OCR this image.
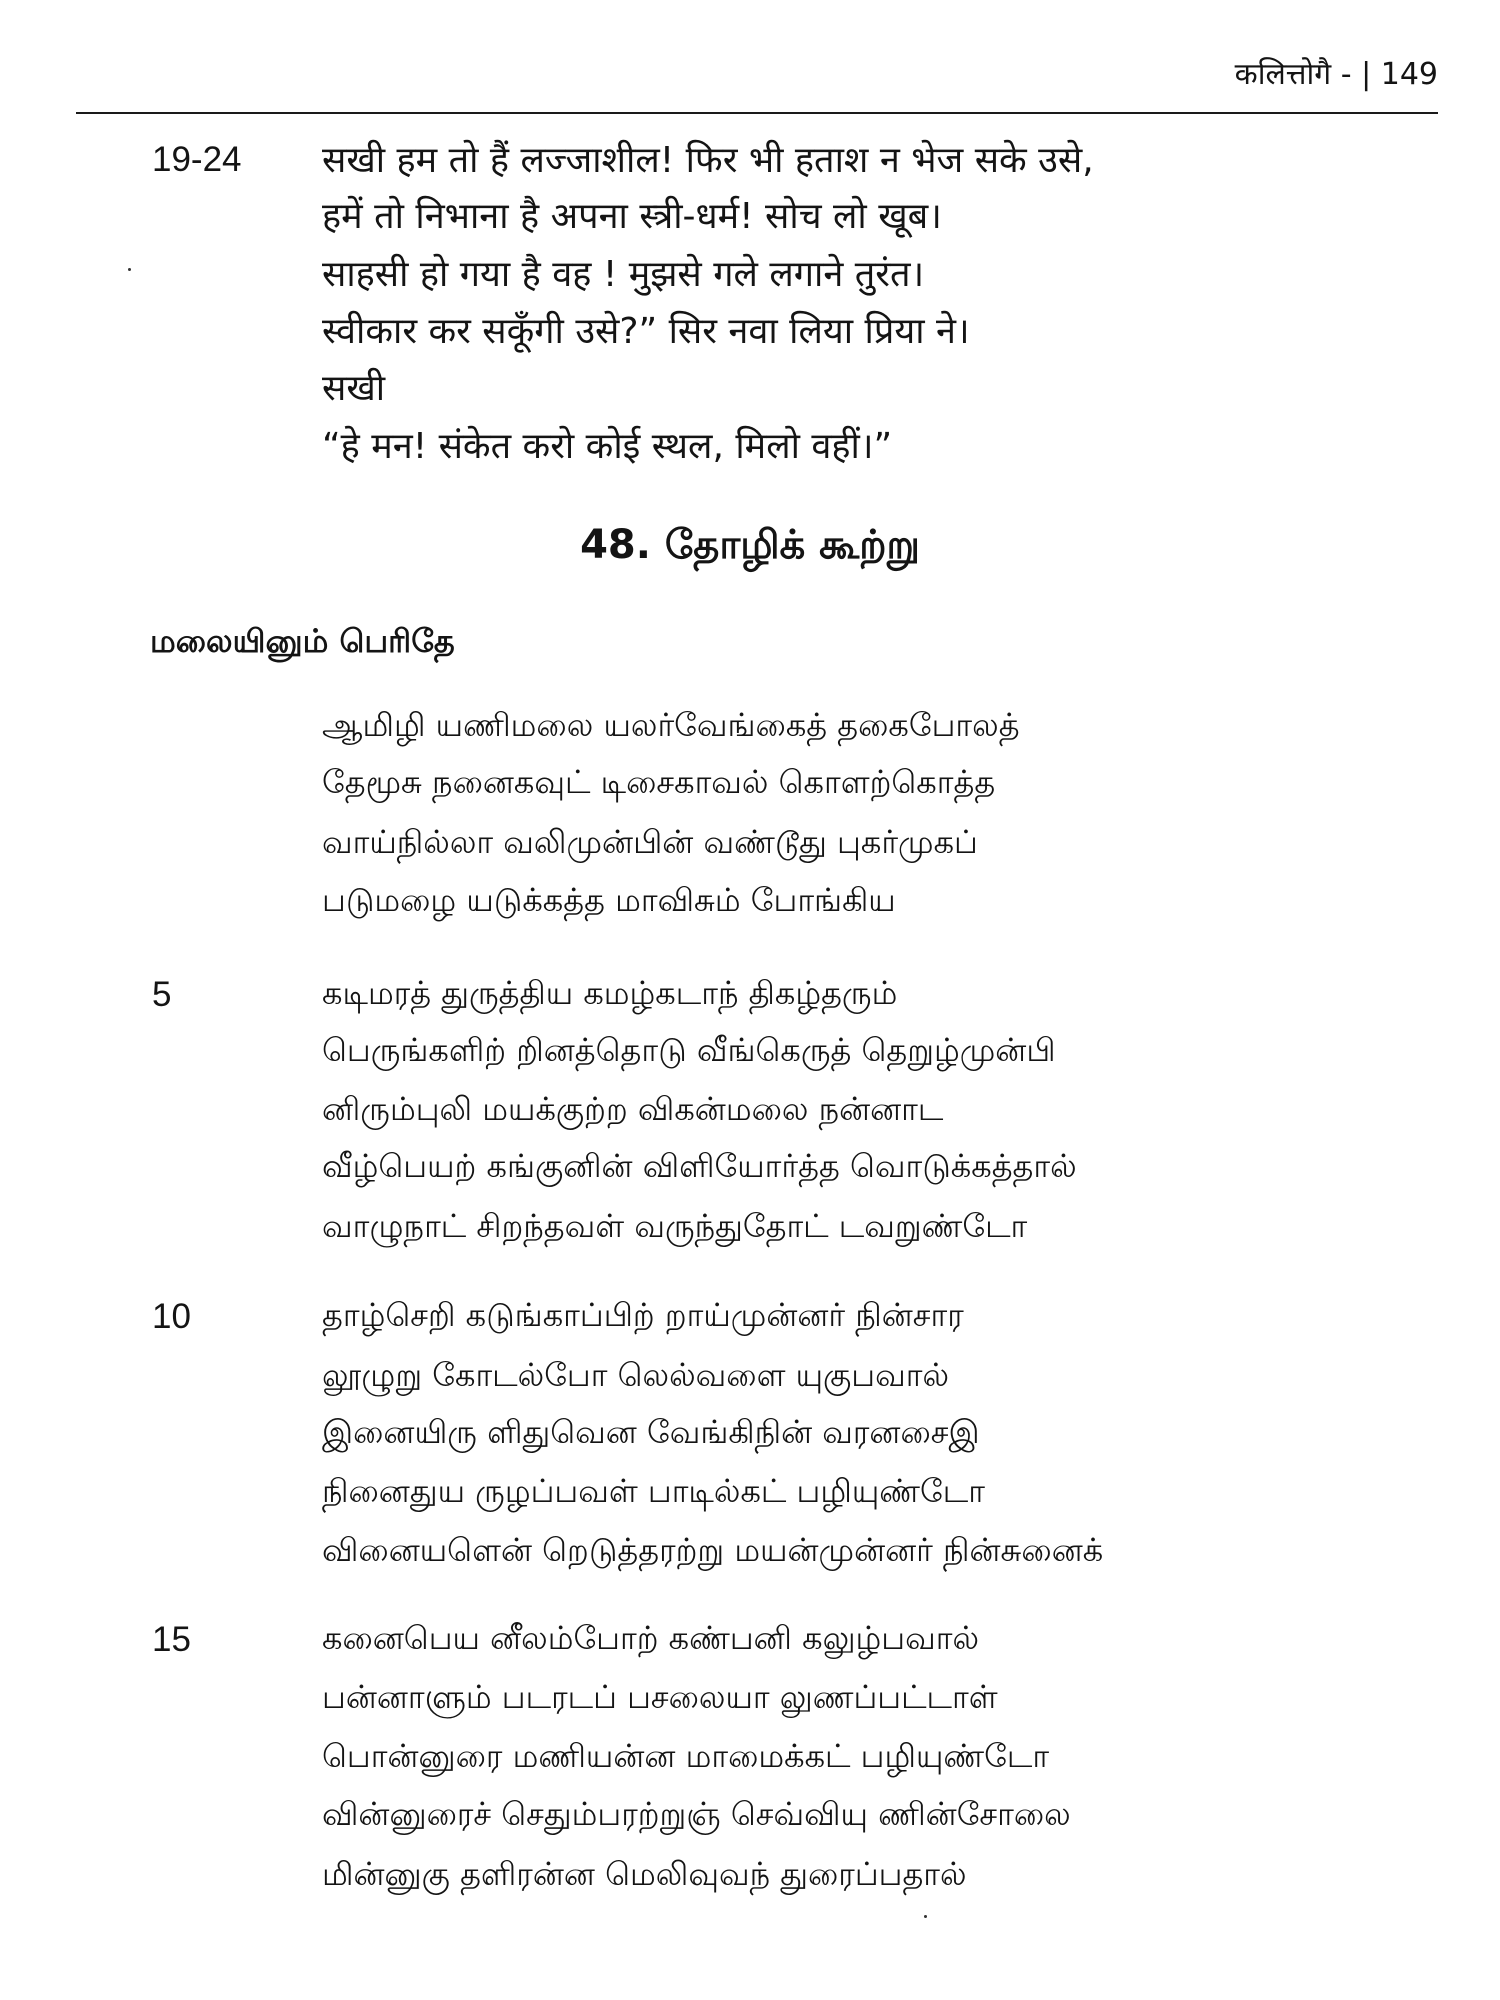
कलित्तोगै - | 149
19-24 सखी हम तो हैं लज्जाशील! फिर भी हताश न भेज सके उसे,
हमें तो निभाना है अपना स्त्री-धर्म! सोच लो खूब।
साहसी हो गया है वह ! मुझसे गले लगाने तुरंत।
स्वीकार कर सकूँगी उसे?” सिर नवा लिया प्रिया ने।
सखी
“हे मन! संकेत करो कोई स्थल, मिलो वहीं।”
48. தோழிக் கூற்று
மலையினும் பெரிதே
ஆமிழி யணிமலை யலர்வேங்கைத் தகைபோலத்
தேமூசு நனைகவுட் டிசைகாவல் கொளற்கொத்த
வாய்நில்லா வலிமுன்பின் வண்டூது புகர்முகப்
படுமழை யடுக்கத்த மாவிசும் போங்கிய
5	கடிமரத் துருத்திய கமழ்கடாந் திகழ்தரும்
பெருங்களிற் றினத்தொடு வீங்கெருத் தெறுழ்முன்பி
னிரும்புலி மயக்குற்ற விகன்மலை நன்னாட
வீழ்பெயற் கங்குனின் விளியோர்த்த வொடுக்கத்தால்
வாழுநாட் சிறந்தவள் வருந்துதோட் டவறுண்டோ
10	தாழ்செறி கடுங்காப்பிற் றாய்முன்னர் நின்சார
லூழுறு கோடல்போ லெல்வளை யுகுபவால்
இனையிரு ளிதுவென வேங்கிநின் வரனசைஇ
நினைதுய ருழப்பவள் பாடில்கட் பழியுண்டோ
வினையளென் றெடுத்தரற்று மயன்முன்னர் நின்சுனைக்
15	கனைபெய னீலம்போற் கண்பனி கலுழ்பவால்
பன்னாளும் படரடப் பசலையா லுணப்பட்டாள்
பொன்னுரை மணியன்ன மாமைக்கட் பழியுண்டோ
வின்னுரைச் செதும்பரற்றுஞ் செவ்வியு ணின்சோலை
மின்னுகு தளிரன்ன மெலிவுவந் துரைப்பதால்
